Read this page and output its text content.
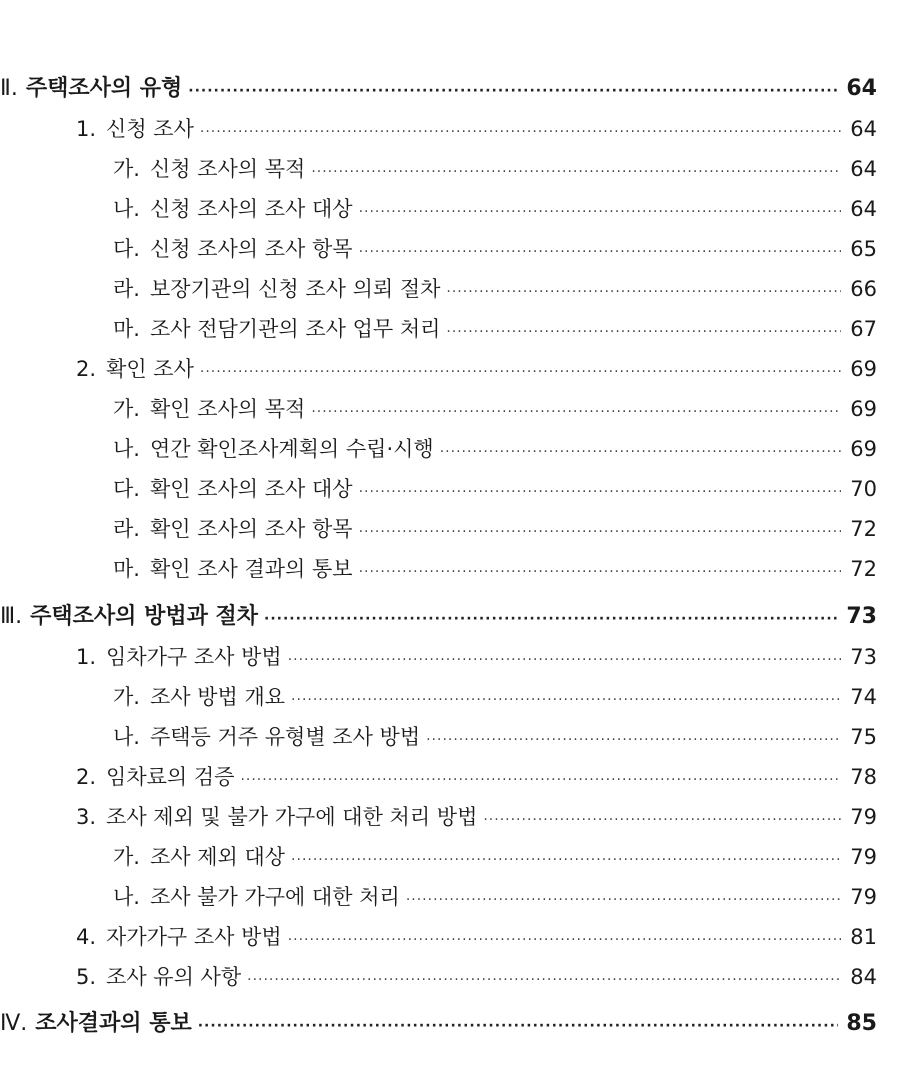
Ⅱ. 주택조사의 유형 ·····	64
1. 신청 조사 ·····	64
가. 신청 조사의 목적 ·····	64
나. 신청 조사의 조사 대상 ·····	64
다. 신청 조사의 조사 항목 ·····	65
라. 보장기관의 신청 조사 의뢰 절차 ·····	66
마. 조사 전담기관의 조사 업무 처리 ·····	67
2. 확인 조사 ·····	69
가. 확인 조사의 목적 ·····	69
나. 연간 확인조사계획의 수립·시행 ·····	69
다. 확인 조사의 조사 대상 ·····	70
라. 확인 조사의 조사 항목 ·····	72
마. 확인 조사 결과의 통보 ·····	72
Ⅲ. 주택조사의 방법과 절차 ·····	73
1. 임차가구 조사 방법 ·····	73
가. 조사 방법 개요 ·····	74
나. 주택등 거주 유형별 조사 방법 ·····	75
2. 임차료의 검증 ·····	78
3. 조사 제외 및 불가 가구에 대한 처리 방법 ·····	79
가. 조사 제외 대상 ·····	79
나. 조사 불가 가구에 대한 처리 ·····	79
4. 자가가구 조사 방법 ·····	81
5. 조사 유의 사항 ·····	84
Ⅳ. 조사결과의 통보 ·····	85
